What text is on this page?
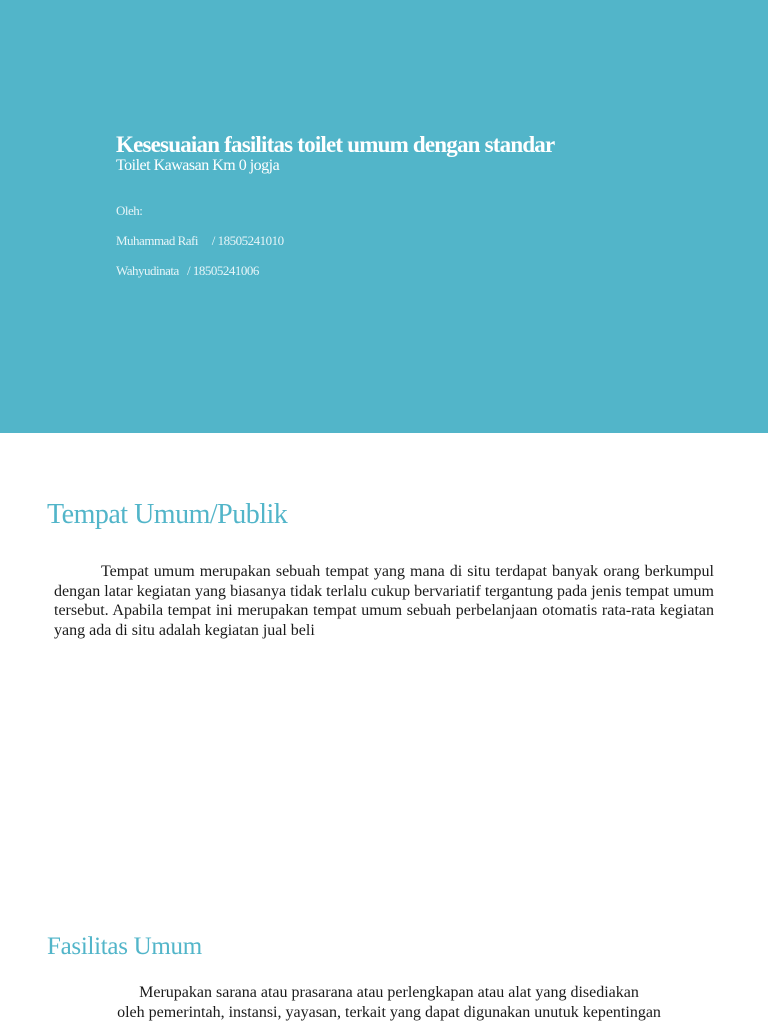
Kesesuaian fasilitas toilet umum dengan standar
Toilet Kawasan Km 0 jogja
Oleh:
Muhammad Rafi     / 18505241010
Wahyudinata   / 18505241006
Tempat Umum/Publik

Tempat umum merupakan sebuah tempat yang mana di situ terdapat banyak orang berkumpul dengan latar kegiatan yang biasanya tidak terlalu cukup bervariatif tergantung pada jenis tempat umum tersebut. Apabila tempat ini merupakan tempat umum sebuah perbelanjaan otomatis rata-rata kegiatan yang ada di situ adalah kegiatan jual beli

Fasilitas Umum

Merupakan sarana atau prasarana atau perlengkapan atau alat yang disediakan
oleh pemerintah, instansi, yayasan, terkait yang dapat digunakan unutuk kepentingan
